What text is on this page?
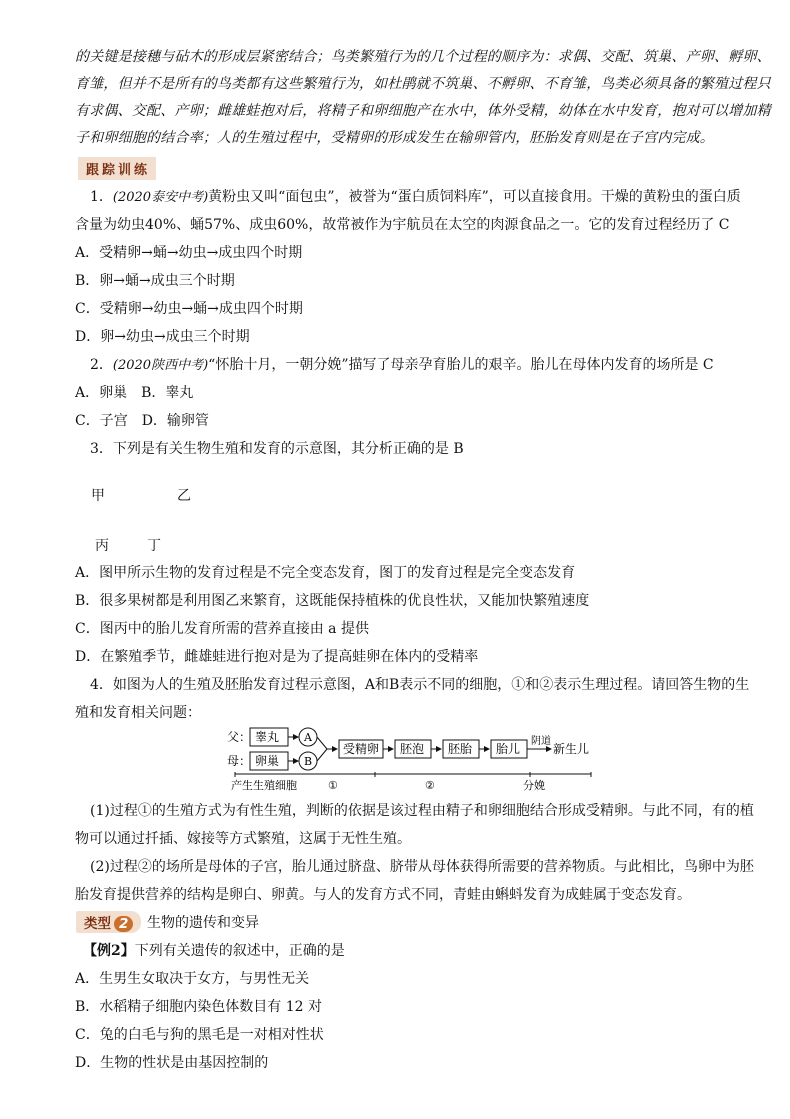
的关键是接穗与砧木的形成层紧密结合；鸟类繁殖行为的几个过程的顺序为：求偶、交配、筑巢、产卵、孵卵、
育雏，但并不是所有的鸟类都有这些繁殖行为，如杜鹃就不筑巢、不孵卵、不育雏，鸟类必须具备的繁殖过程只
有求偶、交配、产卵；雌雄蛙抱对后，将精子和卵细胞产在水中，体外受精，幼体在水中发育，抱对可以增加精
子和卵细胞的结合率；人的生殖过程中，受精卵的形成发生在输卵管内，胚胎发育则是在子宫内完成。
跟踪训练
1．(2020泰安中考)黄粉虫又叫“面包虫”，被誉为“蛋白质饲料库”，可以直接食用。干燥的黄粉虫的蛋白质
含量为幼虫40%、蛹57%、成虫60%，故常被作为宇航员在太空的肉源食品之一。它的发育过程经历了 C
A．受精卵→蛹→幼虫→成虫四个时期
B．卵→蛹→成虫三个时期
C．受精卵→幼虫→蛹→成虫四个时期
D．卵→幼虫→成虫三个时期
2．(2020陕西中考)“怀胎十月，一朝分娩”描写了母亲孕育胎儿的艰辛。胎儿在母体内发育的场所是 C
A．卵巢　B．睾丸
C．子宫　D．输卵管
3．下列是有关生物生殖和发育的示意图，其分析正确的是 B
甲	乙
丙	丁
A．图甲所示生物的发育过程是不完全变态发育，图丁的发育过程是完全变态发育
B．很多果树都是利用图乙来繁育，这既能保持植株的优良性状，又能加快繁殖速度
C．图丙中的胎儿发育所需的营养直接由 a 提供
D．在繁殖季节，雌雄蛙进行抱对是为了提高蛙卵在体内的受精率
4．如图为人的生殖及胚胎发育过程示意图，A和B表示不同的细胞，①和②表示生理过程。请回答生物的生
殖和发育相关问题：
父：
母：
睾丸
卵巢
A
B
受精卵 胚泡 胚胎 胎儿
阴道
新生儿
产生生殖细胞	①	②	分娩
(1)过程①的生殖方式为有性生殖，判断的依据是该过程由精子和卵细胞结合形成受精卵。与此不同，有的植
物可以通过扦插、嫁接等方式繁殖，这属于无性生殖。
(2)过程②的场所是母体的子宫，胎儿通过脐盘、脐带从母体获得所需要的营养物质。与此相比，鸟卵中为胚
胎发育提供营养的结构是卵白、卵黄。与人的发育方式不同，青蛙由蝌蚪发育为成蛙属于变态发育。
类型 2	生物的遗传和变异
【例2】下列有关遗传的叙述中，正确的是
A．生男生女取决于女方，与男性无关
B．水稻精子细胞内染色体数目有 12 对
C．兔的白毛与狗的黑毛是一对相对性状
D．生物的性状是由基因控制的
